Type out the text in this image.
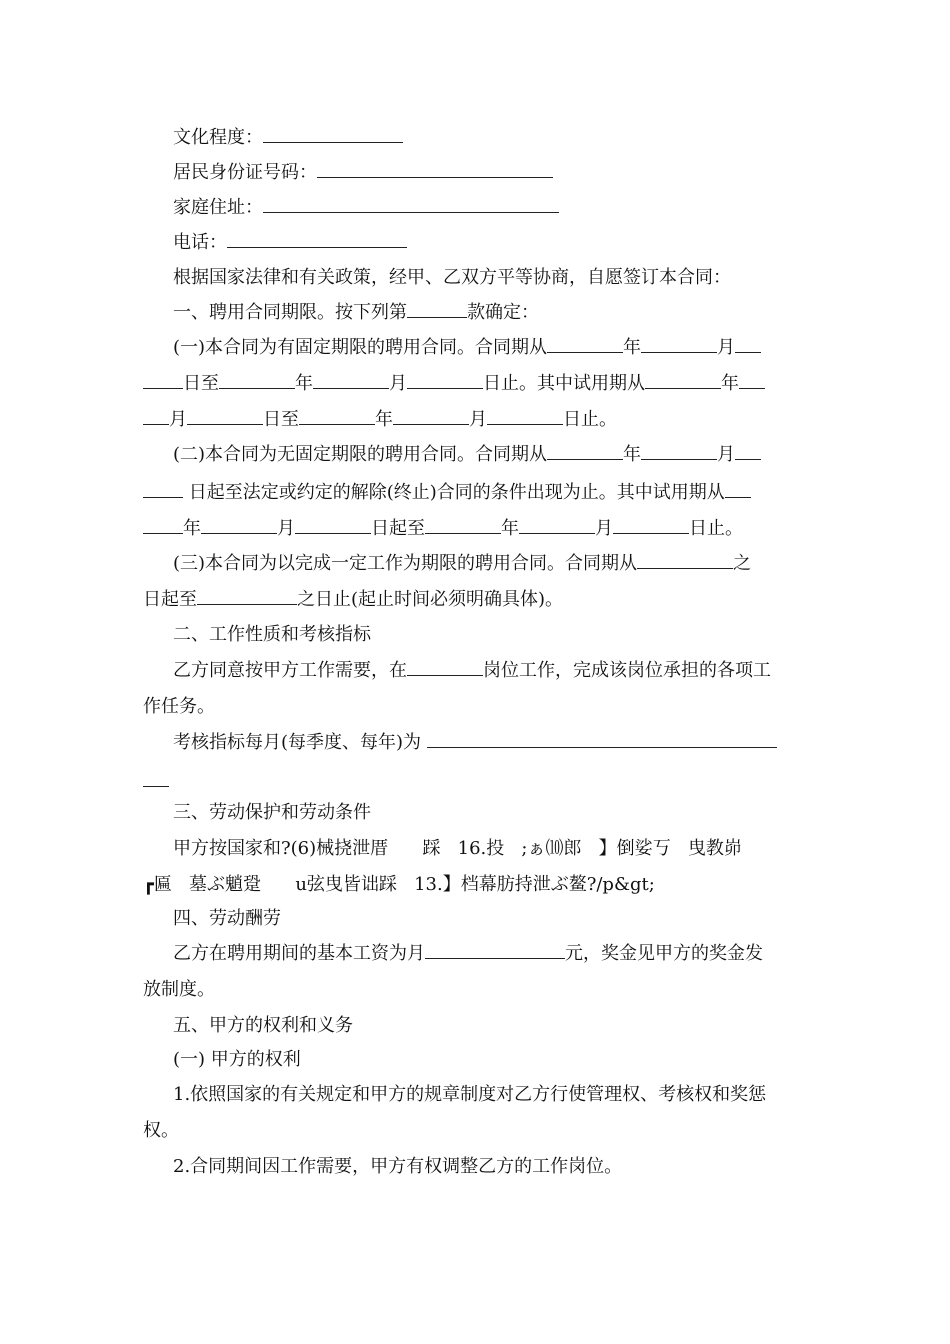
文化程度：
居民身份证号码：
家庭住址：
电话：
根据国家法律和有关政策，经甲、乙双方平等协商，自愿签订本合同：
一、聘用合同期限。按下列第	款确定：
(一)本合同为有固定期限的聘用合同。合同期从	年	月
日至	年	月	日止。其中试用期从	年
月	日至	年	月	日止。
(二)本合同为无固定期限的聘用合同。合同期从	年	月
日起至法定或约定的解除(终止)合同的条件出现为止。其中试用期从
年	月	日起至	年	月	日止。
(三)本合同为以完成一定工作为期限的聘用合同。合同期从	之
日起至	之日止(起止时间必须明确具体)。
二、工作性质和考核指标
乙方同意按甲方工作需要，在	岗位工作，完成该岗位承担的各项工
作任务。
考核指标每月(每季度、每年)为
三、劳动保护和劳动条件
甲方按国家和?(6)械挠泄厝      踩   16.投   ;ぁ⑽郎   】倒娑丂   曳教峁
┏匾   墓ぶ魈跫      u弦曳皆诎踩   13.】档幕肪持泄ぶ鳌?/p&gt;
四、劳动酬劳
乙方在聘用期间的基本工资为月	元，奖金见甲方的奖金发
放制度。
五、甲方的权利和义务
(一) 甲方的权利
1.依照国家的有关规定和甲方的规章制度对乙方行使管理权、考核权和奖惩
权。
2.合同期间因工作需要，甲方有权调整乙方的工作岗位。
